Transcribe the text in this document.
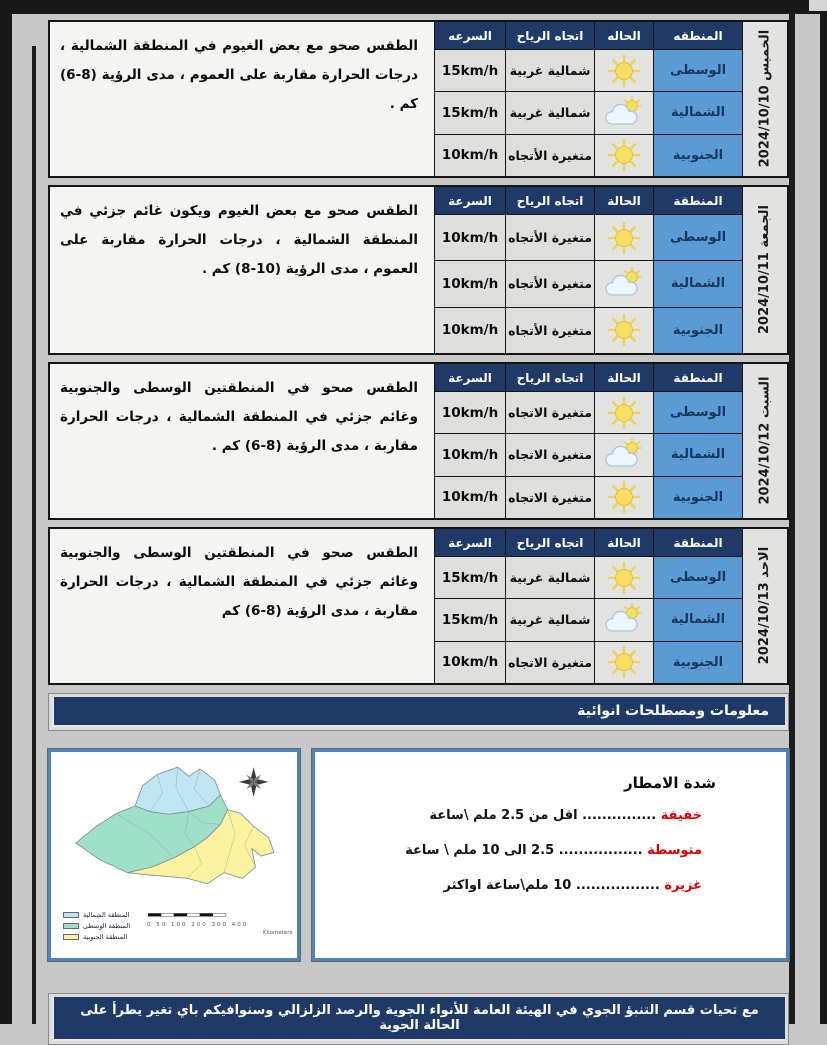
الخميس 2024/10/10
المنطقه
الحاله
اتجاه الرياح
السرعه
الطقس صحو مع بعض الغيوم في المنطقة الشمالية ، درجات الحرارة مقاربة على العموم ، مدى الرؤية (8-6) كم .
الوسطى
شمالية غربية
15km/h
الشمالية
شمالية غربية
15km/h
الجنوبية
متغيرة الأتجاه
10km/h
الجمعة 2024/10/11
المنطقة
الحالة
اتجاه الرياح
السرعة
الطقس صحو مع بعض الغيوم ويكون غائم جزئي في المنطقة الشمالية ، درجات الحرارة مقاربة على العموم ، مدى الرؤية (10-8) كم .
الوسطى
متغيرة الأتجاه
10km/h
الشمالية
متغيرة الأتجاه
10km/h
الجنوبية
متغيرة الأتجاه
10km/h
السبت 2024/10/12
المنطقة
الحالة
اتجاه الرياح
السرعة
الطقس صحو في المنطقتين الوسطى والجنوبية وغائم جزئي في المنطقة الشمالية ، درجات الحرارة مقاربة ، مدى الرؤية (8-6) كم .
الوسطى
متغيرة الاتجاه
10km/h
الشمالية
متغيرة الاتجاه
10km/h
الجنوبية
متغيرة الاتجاه
10km/h
الاحد 2024/10/13
المنطقة
الحالة
اتجاه الرياح
السرعة
الطقس صحو في المنطقتين الوسطى والجنوبية وغائم جزئي في المنطقة الشمالية ، درجات الحرارة مقاربة ، مدى الرؤية (8-6) كم
الوسطى
شمالية غربية
15km/h
الشمالية
شمالية غربية
15km/h
الجنوبية
متغيرة الاتجاه
10km/h
معلومات ومصطلحات انوائية
0 50 100 200 300 400
Kilometers
المنطقة الشمالية
المنطقة الوسطى
المنطقة الجنوبية
شدة الامطار
خفيفة ............... اقل من 2.5 ملم \ساعة
متوسطة ................. 2.5 الى 10 ملم \ ساعة
غزيرة ................. 10 ملم\ساعة اواكثر
مع تحيات قسم التنبؤ الجوي في الهيئة العامة للأنواء الجوية والرصد الزلزالي وسنوافيكم باي تغير يطرأ على الحالة الجوية
